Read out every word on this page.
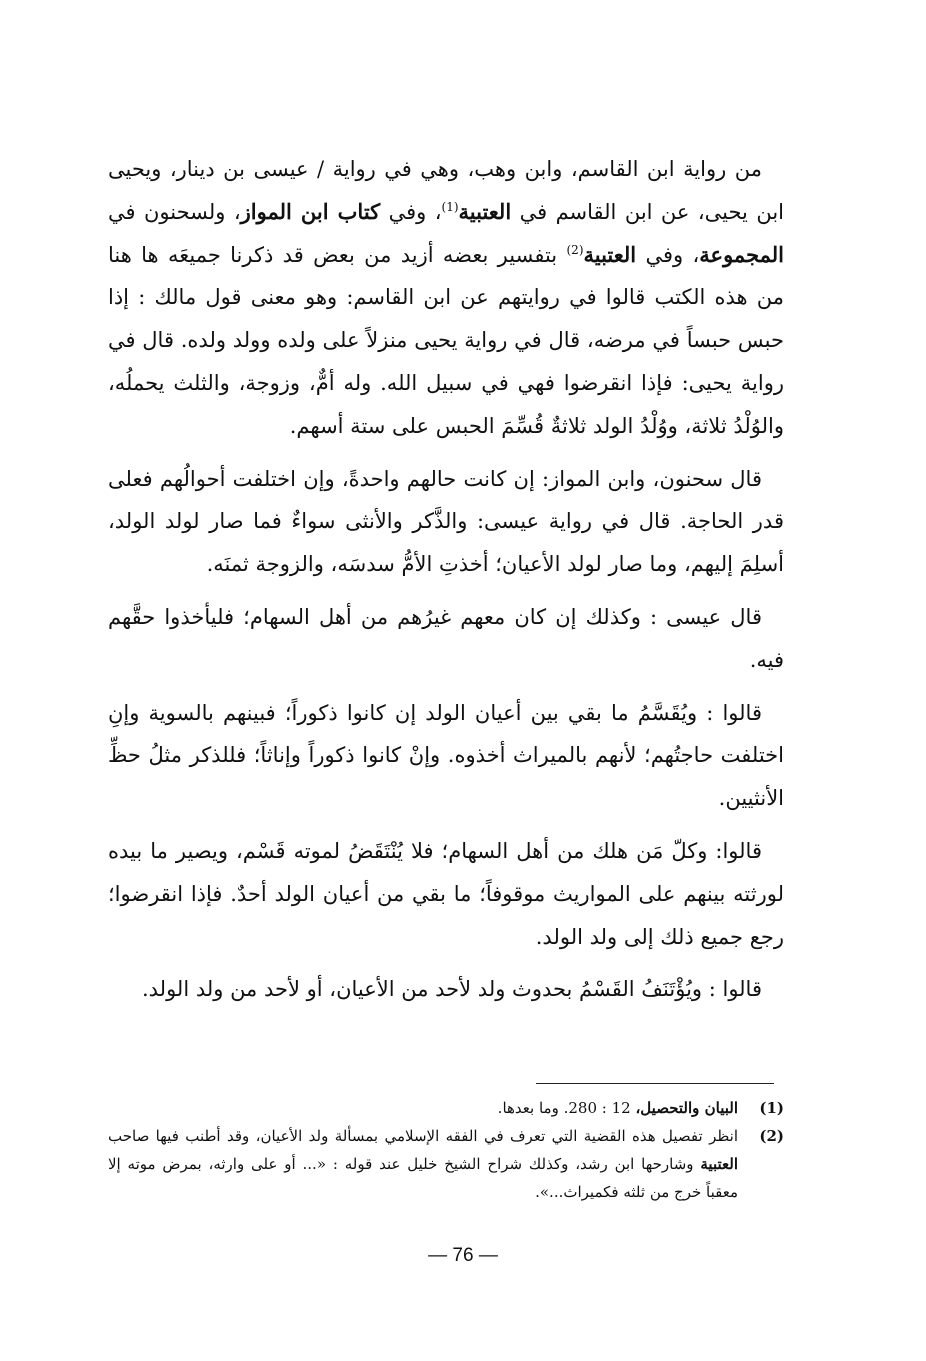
من رواية ابن القاسم، وابن وهب، وهي في رواية / عيسى بن دينار، ويحيى ابن يحيى، عن ابن القاسم في العتبية$^{(1)}$، وفي كتاب ابن المواز، ولسحنون في المجموعة، وفي العتبية$^{(2)}$ بتفسير بعضه أزيد من بعض قد ذكرنا جميعَه ها هنا من هذه الكتب قالوا في روايتهم عن ابن القاسم: وهو معنى قول مالك : إذا حبس حبساً في مرضه، قال في رواية يحيى منزلاً على ولده وولد ولده. قال في رواية يحيى: فإذا انقرضوا فهي في سبيل الله. وله أمٌّ، وزوجة، والثلث يحملُه، والوُلْدُ ثلاثة، ووُلْدُ الولد ثلاثةٌ قُسِّمَ الحبس على ستة أسهم.

قال سحنون، وابن المواز: إن كانت حالهم واحدةً، وإن اختلفت أحوالُهم فعلى قدر الحاجة. قال في رواية عيسى: والذَّكر والأنثى سواءٌ فما صار لولد الولد، أسلِمَ إليهم، وما صار لولد الأعيان؛ أخذتِ الأمُّ سدسَه، والزوجة ثمنَه.

قال عيسى : وكذلك إن كان معهم غيرُهم من أهل السهام؛ فليأخذوا حقَّهم فيه.

قالوا : ويُقَسَّمُ ما بقي بين أعيان الولد إن كانوا ذكوراً؛ فبينهم بالسوية وإنِ اختلفت حاجتُهم؛ لأنهم بالميراث أخذوه. وإنْ كانوا ذكوراً وإناثاً؛ فللذكر مثلُ حظِّ الأنثيين.

قالوا: وكلّ مَن هلك من أهل السهام؛ فلا يُنْتَقَضُ لموته قَسْم، ويصير ما بيده لورثته بينهم على المواريث موقوفاً؛ ما بقي من أعيان الولد أحدٌ. فإذا انقرضوا؛ رجع جميع ذلك إلى ولد الولد.

قالوا : ويُؤْتَنَفُ القَسْمُ بحدوث ولد لأحد من الأعيان، أو لأحد من ولد الولد.

(1)
البيان والتحصيل، 12 : 280. وما بعدها.
(2)
انظر تفصيل هذه القضية التي تعرف في الفقه الإسلامي بمسألة ولد الأعيان، وقد أطنب فيها صاحب العتبية وشارحها ابن رشد، وكذلك شراح الشيخ خليل عند قوله : «... أو على وارثه، بمرض موته إلا معقباً خرج من ثلثه فكميراث...».
— 76 —
